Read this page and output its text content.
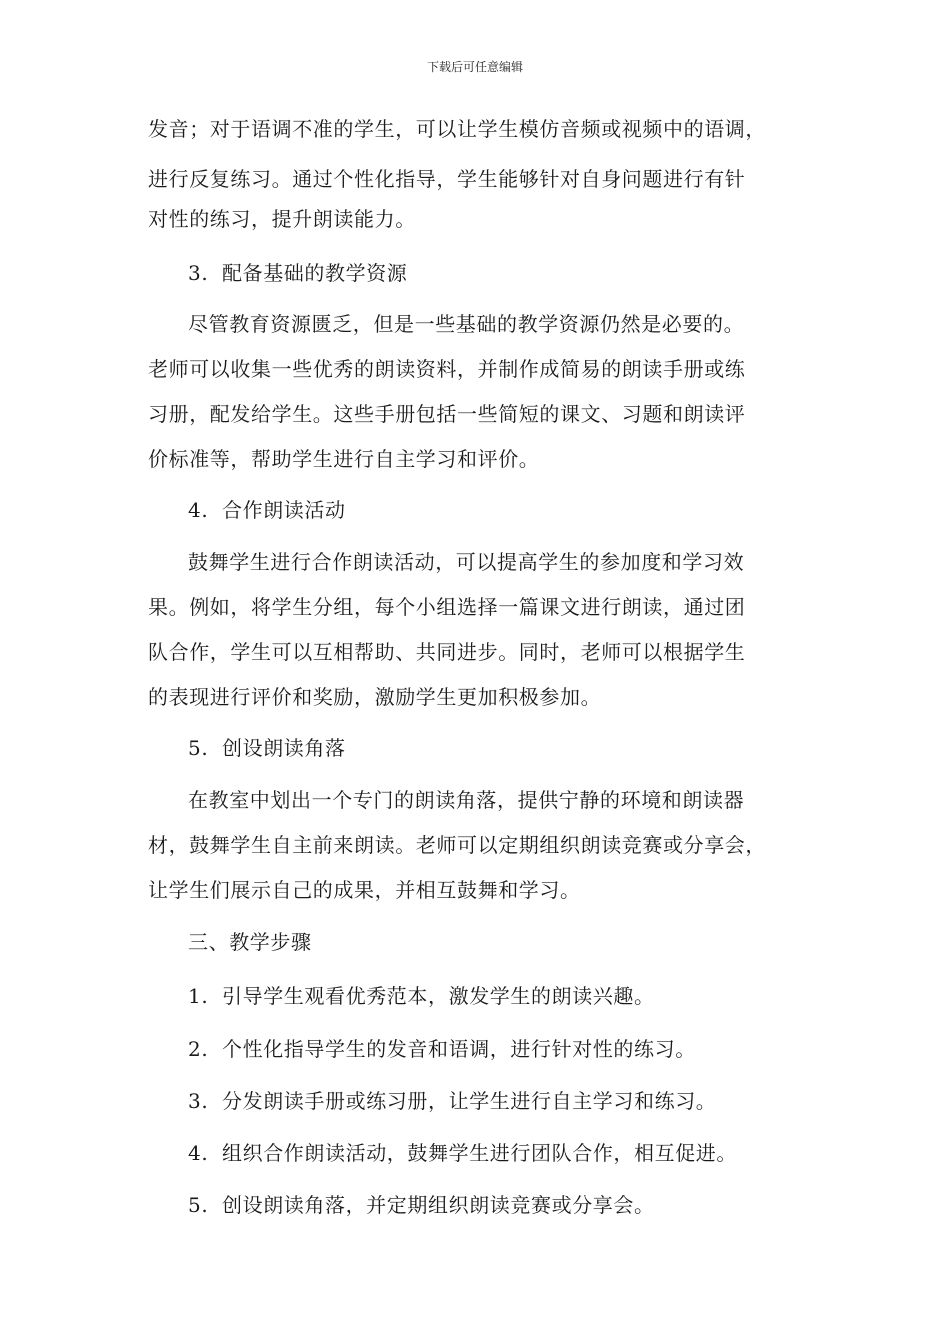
下载后可任意编辑
发音；对于语调不准的学生，可以让学生模仿音频或视频中的语调，
进行反复练习。通过个性化指导，学生能够针对自身问题进行有针
对性的练习，提升朗读能力。
3. 配备基础的教学资源
尽管教育资源匮乏，但是一些基础的教学资源仍然是必要的。
老师可以收集一些优秀的朗读资料，并制作成简易的朗读手册或练
习册，配发给学生。这些手册包括一些简短的课文、习题和朗读评
价标准等，帮助学生进行自主学习和评价。
4. 合作朗读活动
鼓舞学生进行合作朗读活动，可以提高学生的参加度和学习效
果。例如，将学生分组，每个小组选择一篇课文进行朗读，通过团
队合作，学生可以互相帮助、共同进步。同时，老师可以根据学生
的表现进行评价和奖励，激励学生更加积极参加。
5. 创设朗读角落
在教室中划出一个专门的朗读角落，提供宁静的环境和朗读器
材，鼓舞学生自主前来朗读。老师可以定期组织朗读竞赛或分享会，
让学生们展示自己的成果，并相互鼓舞和学习。
三、教学步骤
1. 引导学生观看优秀范本，激发学生的朗读兴趣。
2. 个性化指导学生的发音和语调，进行针对性的练习。
3. 分发朗读手册或练习册，让学生进行自主学习和练习。
4. 组织合作朗读活动，鼓舞学生进行团队合作，相互促进。
5. 创设朗读角落，并定期组织朗读竞赛或分享会。
